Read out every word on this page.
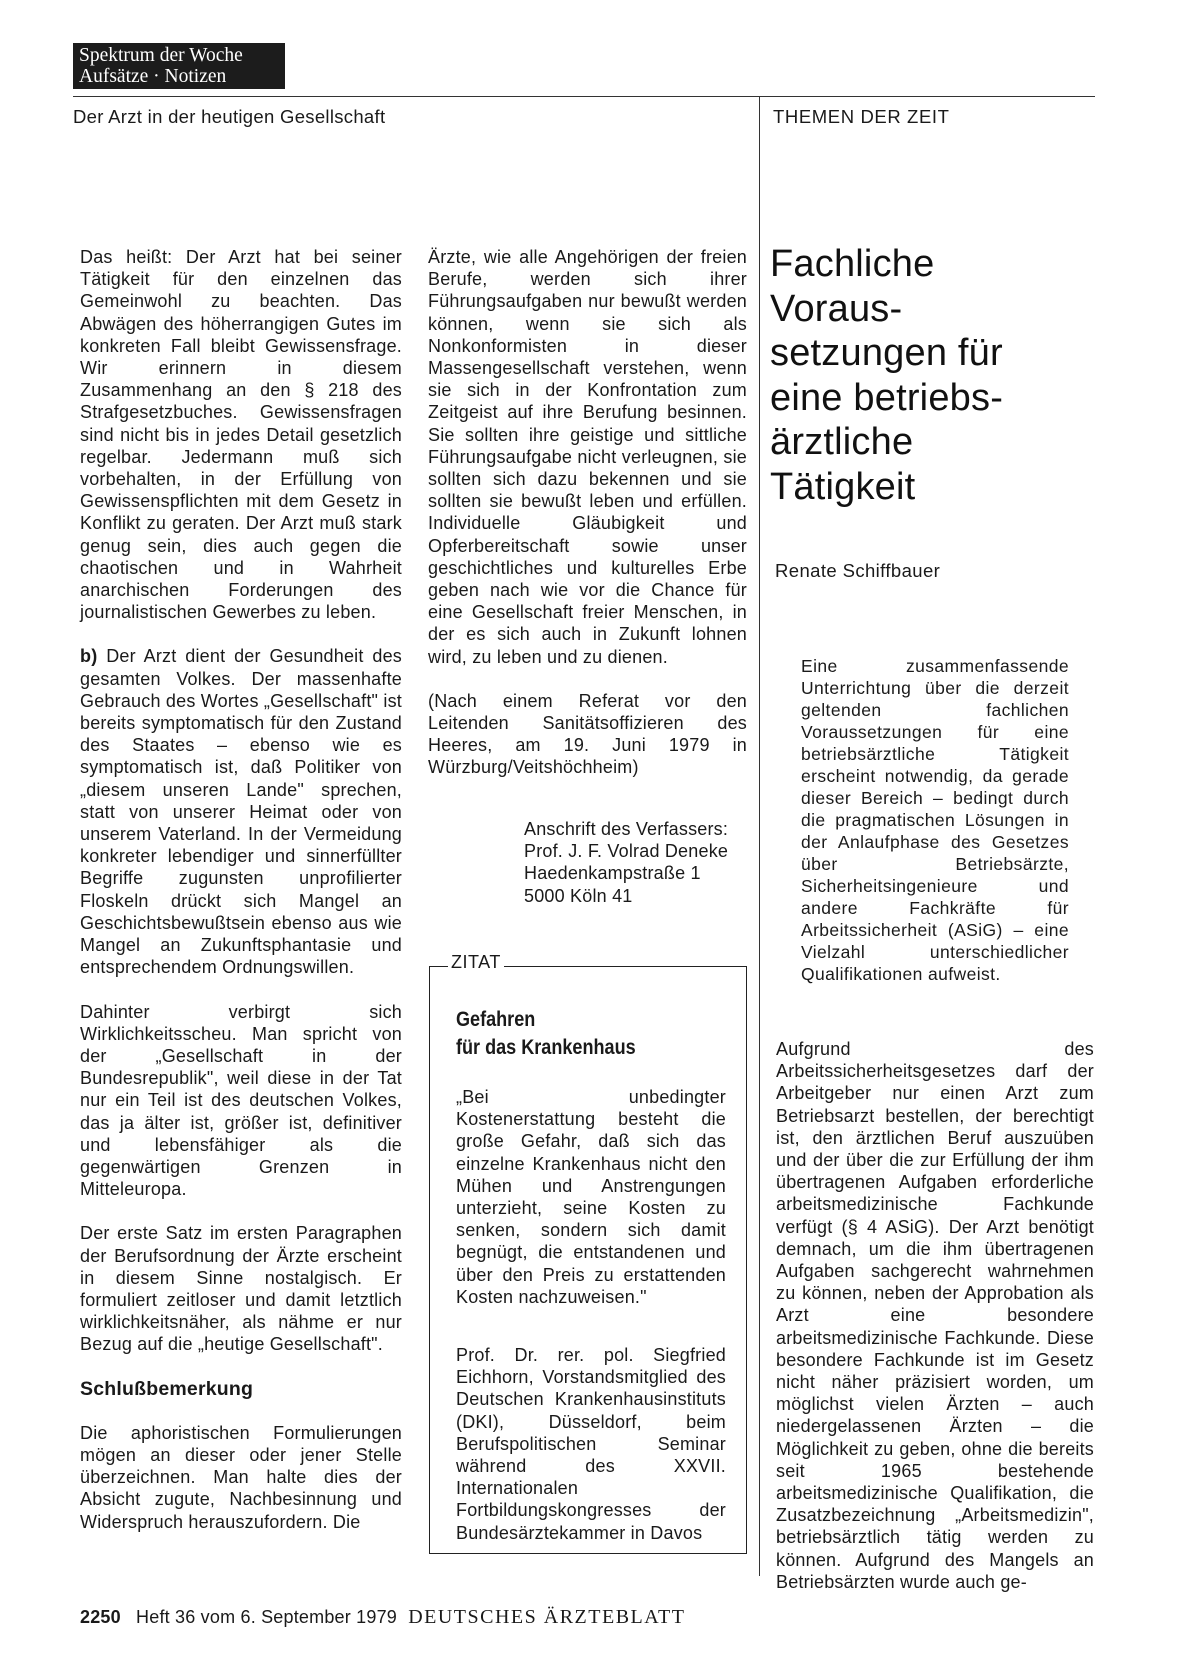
Spektrum der Woche
Aufsätze · Notizen
Der Arzt in der heutigen Gesellschaft	THEMEN DER ZEIT

Das heißt: Der Arzt hat bei seiner Tätigkeit für den einzelnen das Gemeinwohl zu beachten. Das Abwägen des höherrangigen Gutes im konkreten Fall bleibt Gewissensfrage. Wir erinnern in diesem Zusammenhang an den § 218 des Strafgesetzbuches. Gewissensfragen sind nicht bis in jedes Detail gesetzlich regelbar. Jedermann muß sich vorbehalten, in der Erfüllung von Gewissenspflichten mit dem Gesetz in Konflikt zu geraten. Der Arzt muß stark genug sein, dies auch gegen die chaotischen und in Wahrheit anarchischen Forderungen des journalistischen Gewerbes zu leben.

b) Der Arzt dient der Gesundheit des gesamten Volkes. Der massenhafte Gebrauch des Wortes „Gesellschaft" ist bereits symptomatisch für den Zustand des Staates – ebenso wie es symptomatisch ist, daß Politiker von „diesem unseren Lande" sprechen, statt von unserer Heimat oder von unserem Vaterland. In der Vermeidung konkreter lebendiger und sinnerfüllter Begriffe zugunsten unprofilierter Floskeln drückt sich Mangel an Geschichtsbewußtsein ebenso aus wie Mangel an Zukunftsphantasie und entsprechendem Ordnungswillen.

Dahinter verbirgt sich Wirklichkeitsscheu. Man spricht von der „Gesellschaft in der Bundesrepublik", weil diese in der Tat nur ein Teil ist des deutschen Volkes, das ja älter ist, größer ist, definitiver und lebensfähiger als die gegenwärtigen Grenzen in Mitteleuropa.

Der erste Satz im ersten Paragraphen der Berufsordnung der Ärzte erscheint in diesem Sinne nostalgisch. Er formuliert zeitloser und damit letztlich wirklichkeitsnäher, als nähme er nur Bezug auf die „heutige Gesellschaft".

Schlußbemerkung

Die aphoristischen Formulierungen mögen an dieser oder jener Stelle überzeichnen. Man halte dies der Absicht zugute, Nachbesinnung und Widerspruch herauszufordern. Die

Ärzte, wie alle Angehörigen der freien Berufe, werden sich ihrer Führungsaufgaben nur bewußt werden können, wenn sie sich als Nonkonformisten in dieser Massengesellschaft verstehen, wenn sie sich in der Konfrontation zum Zeitgeist auf ihre Berufung besinnen. Sie sollten ihre geistige und sittliche Führungsaufgabe nicht verleugnen, sie sollten sich dazu bekennen und sie sollten sie bewußt leben und erfüllen. Individuelle Gläubigkeit und Opferbereitschaft sowie unser geschichtliches und kulturelles Erbe geben nach wie vor die Chance für eine Gesellschaft freier Menschen, in der es sich auch in Zukunft lohnen wird, zu leben und zu dienen.

(Nach einem Referat vor den Leitenden Sanitätsoffizieren des Heeres, am 19. Juni 1979 in Würzburg/Veitshöchheim)

Anschrift des Verfassers:
Prof. J. F. Volrad Deneke
Haedenkampstraße 1
5000 Köln 41
ZITAT
Gefahren
für das Krankenhaus
„Bei unbedingter Kostenerstattung besteht die große Gefahr, daß sich das einzelne Krankenhaus nicht den Mühen und Anstrengungen unterzieht, seine Kosten zu senken, sondern sich damit begnügt, die entstandenen und über den Preis zu erstattenden Kosten nachzuweisen."
Prof. Dr. rer. pol. Siegfried Eichhorn, Vorstandsmitglied des Deutschen Krankenhausinstituts (DKI), Düsseldorf, beim Berufspolitischen Seminar während des XXVII. Internationalen Fortbildungskongresses der Bundesärztekammer in Davos
Fachliche
Voraus-
setzungen für
eine betriebs-
ärztliche
Tätigkeit
Renate Schiffbauer
Eine zusammenfassende Unterrichtung über die derzeit geltenden fachlichen Voraussetzungen für eine betriebsärztliche Tätigkeit erscheint notwendig, da gerade dieser Bereich – bedingt durch die pragmatischen Lösungen in der Anlaufphase des Gesetzes über Betriebsärzte, Sicherheitsingenieure und andere Fachkräfte für Arbeitssicherheit (ASiG) – eine Vielzahl unterschiedlicher Qualifikationen aufweist.
Aufgrund des Arbeitssicherheitsgesetzes darf der Arbeitgeber nur einen Arzt zum Betriebsarzt bestellen, der berechtigt ist, den ärztlichen Beruf auszuüben und der über die zur Erfüllung der ihm übertragenen Aufgaben erforderliche arbeitsmedizinische Fachkunde verfügt (§ 4 ASiG). Der Arzt benötigt demnach, um die ihm übertragenen Aufgaben sachgerecht wahrnehmen zu können, neben der Approbation als Arzt eine besondere arbeitsmedizinische Fachkunde. Diese besondere Fachkunde ist im Gesetz nicht näher präzisiert worden, um möglichst vielen Ärzten – auch niedergelassenen Ärzten – die Möglichkeit zu geben, ohne die bereits seit 1965 bestehende arbeitsmedizinische Qualifikation, die Zusatzbezeichnung „Arbeitsmedizin", betriebsärztlich tätig werden zu können. Aufgrund des Mangels an Betriebsärzten wurde auch ge-
2250 Heft 36 vom 6. September 1979 DEUTSCHES ÄRZTEBLATT
